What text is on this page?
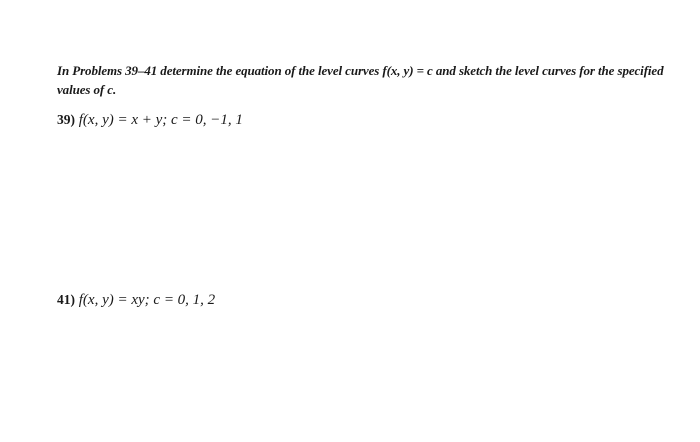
In Problems 39–41 determine the equation of the level curves f(x, y) = c and sketch the level curves for the specified values of c.
39) f(x, y) = x + y; c = 0, −1, 1
41) f(x, y) = xy; c = 0, 1, 2
